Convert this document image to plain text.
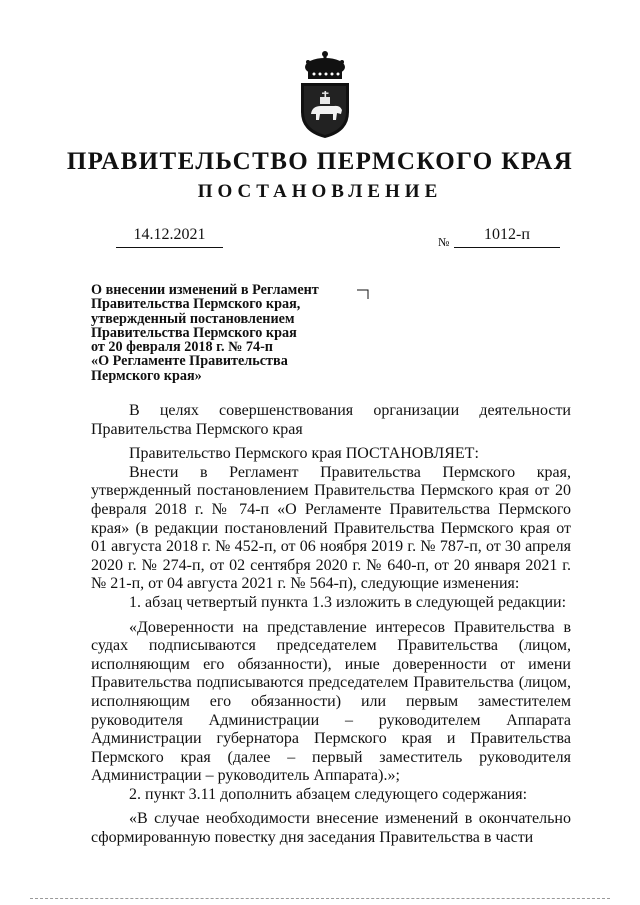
ПРАВИТЕЛЬСТВО ПЕРМСКОГО КРАЯ
ПОСТАНОВЛЕНИЕ
14.12.2021	№	1012-п
О внесении изменений в Регламент
Правительства Пермского края,
утвержденный постановлением
Правительства Пермского края
от 20 февраля 2018 г. № 74-п
«О Регламенте Правительства
Пермского края»

В целях совершенствования организации деятельности Правительства Пермского края

Правительство Пермского края ПОСТАНОВЛЯЕТ:

Внести в Регламент Правительства Пермского края, утвержденный постановлением Правительства Пермского края от 20 февраля 2018 г. № 74-п «О Регламенте Правительства Пермского края» (в редакции постановлений Правительства Пермского края от 01 августа 2018 г. № 452-п, от 06 ноября 2019 г. № 787-п, от 30 апреля 2020 г. № 274-п, от 02 сентября 2020 г. № 640-п, от 20 января 2021 г. № 21-п, от 04 августа 2021 г. № 564-п), следующие изменения:

1. абзац четвертый пункта 1.3 изложить в следующей редакции:

«Доверенности на представление интересов Правительства в судах подписываются председателем Правительства (лицом, исполняющим его обязанности), иные доверенности от имени Правительства подписываются председателем Правительства (лицом, исполняющим его обязанности) или первым заместителем руководителя Администрации – руководителем Аппарата Администрации губернатора Пермского края и Правительства Пермского края (далее – первый заместитель руководителя Администрации – руководитель Аппарата).»;

2. пункт 3.11 дополнить абзацем следующего содержания:

«В случае необходимости внесение изменений в окончательно сформированную повестку дня заседания Правительства в части
